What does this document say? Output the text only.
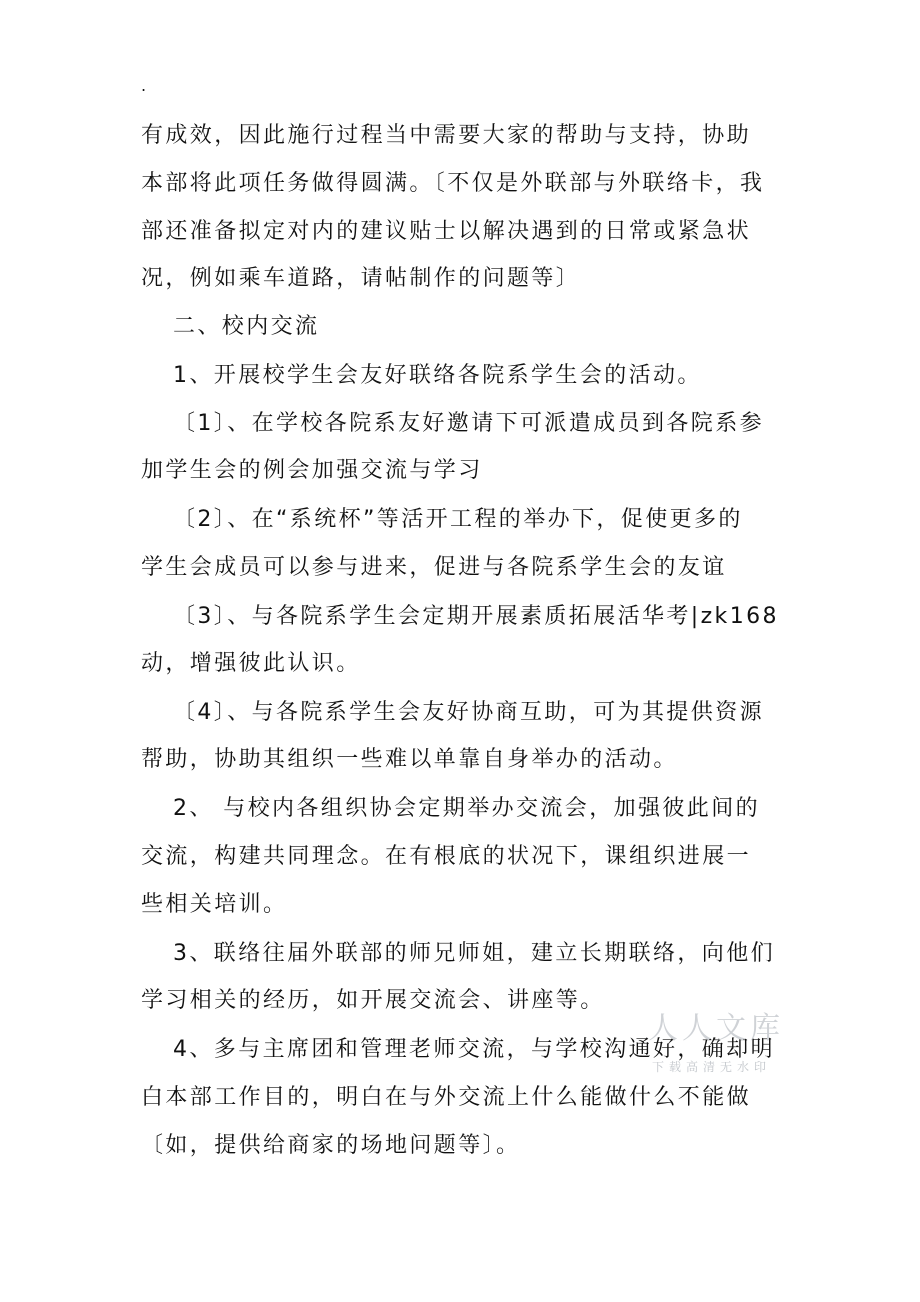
.
有成效，因此施行过程当中需要大家的帮助与支持，协助
本部将此项任务做得圆满。〔不仅是外联部与外联络卡，我
部还准备拟定对内的建议贴士以解决遇到的日常或紧急状
况，例如乘车道路，请帖制作的问题等〕
二、校内交流
1、开展校学生会友好联络各院系学生会的活动。
〔1〕、在学校各院系友好邀请下可派遣成员到各院系参
加学生会的例会加强交流与学习
〔2〕、在“系统杯”等活开工程的举办下，促使更多的
学生会成员可以参与进来，促进与各院系学生会的友谊
〔3〕、与各院系学生会定期开展素质拓展活华考|zk168
动，增强彼此认识。
〔4〕、与各院系学生会友好协商互助，可为其提供资源
帮助，协助其组织一些难以单靠自身举办的活动。
2、 与校内各组织协会定期举办交流会，加强彼此间的
交流，构建共同理念。在有根底的状况下，课组织进展一
些相关培训。
3、联络往届外联部的师兄师姐，建立长期联络，向他们
学习相关的经历，如开展交流会、讲座等。
4、多与主席团和管理老师交流，与学校沟通好，确却明
白本部工作目的，明白在与外交流上什么能做什么不能做
〔如，提供给商家的场地问题等〕。
人人文库
下载高清无水印
